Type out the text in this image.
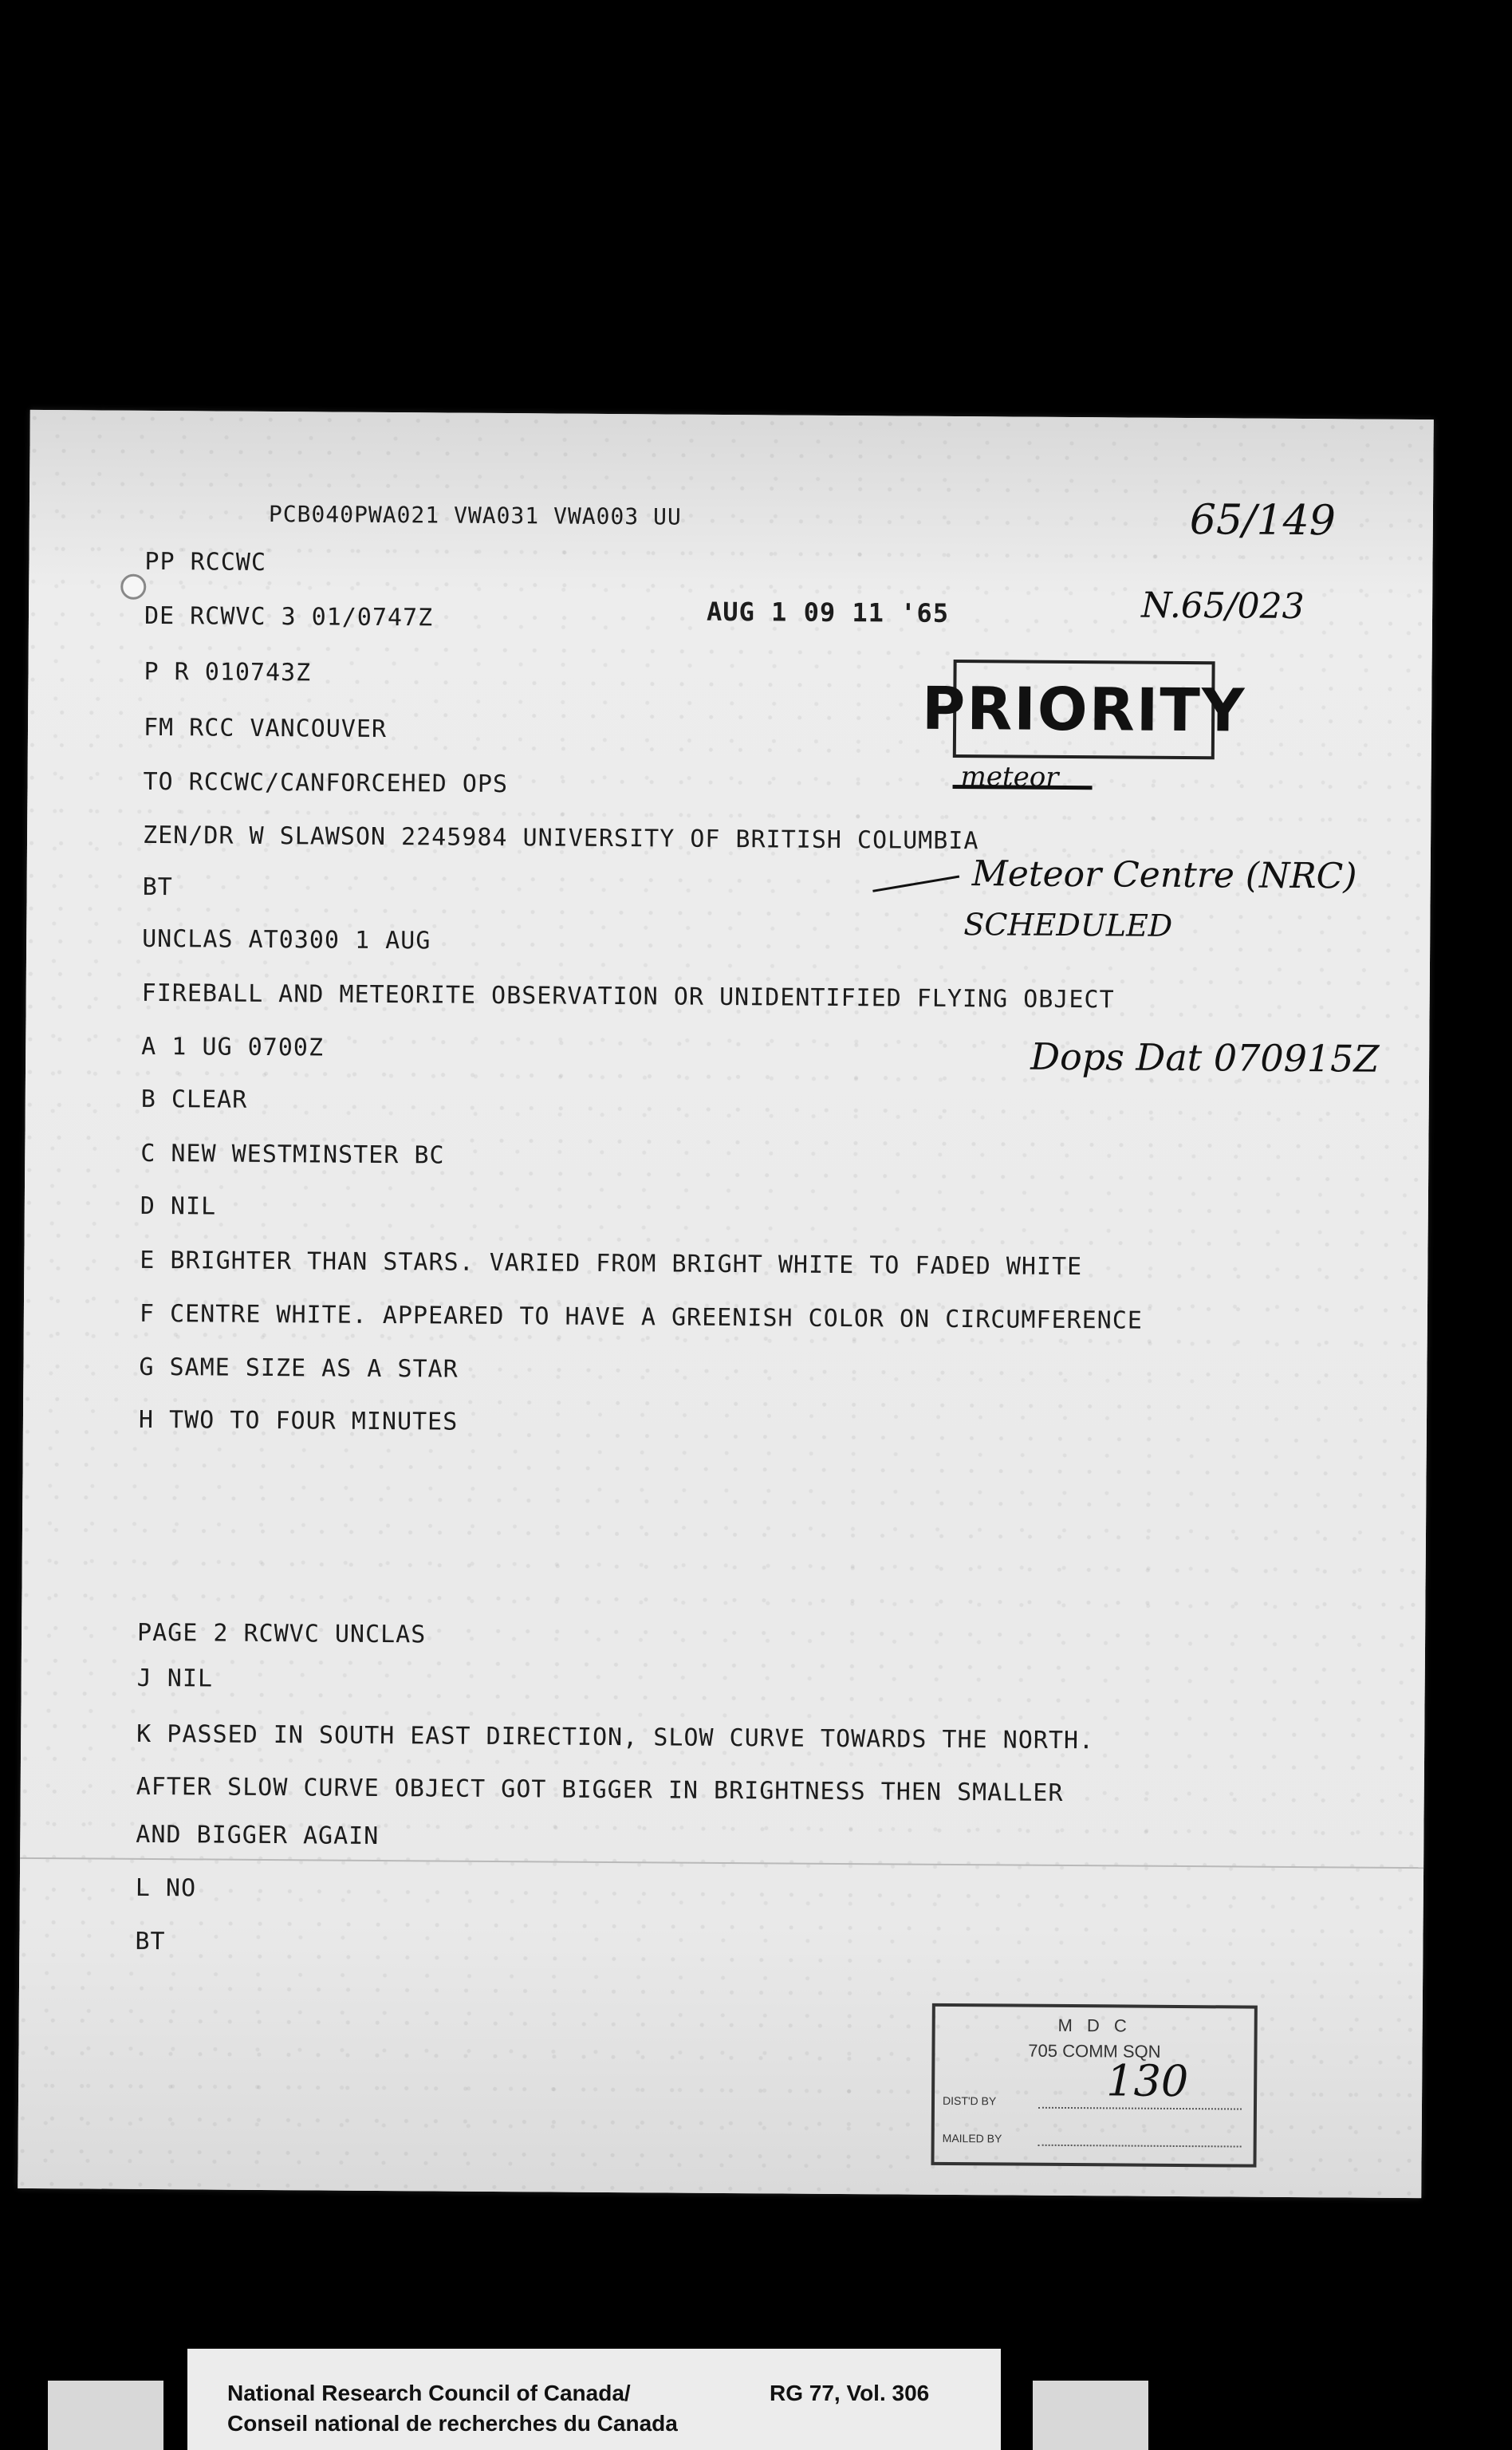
PCB040PWA021 VWA031 VWA003 UU
PP RCCWC
DE RCWVC 3 01/0747Z
P R 010743Z
FM RCC VANCOUVER
TO RCCWC/CANFORCEHED OPS
ZEN/DR W SLAWSON 2245984 UNIVERSITY OF BRITISH COLUMBIA
BT
UNCLAS AT0300 1 AUG
FIREBALL AND METEORITE OBSERVATION OR UNIDENTIFIED FLYING OBJECT
A 1 UG 0700Z
B CLEAR
C NEW WESTMINSTER BC
D NIL
E BRIGHTER THAN STARS. VARIED FROM BRIGHT WHITE TO FADED WHITE
F CENTRE WHITE. APPEARED TO HAVE A GREENISH COLOR ON CIRCUMFERENCE
G SAME SIZE AS A STAR
H TWO TO FOUR MINUTES
PAGE 2 RCWVC UNCLAS
J NIL
K PASSED IN SOUTH EAST DIRECTION, SLOW CURVE TOWARDS THE NORTH.
AFTER SLOW CURVE OBJECT GOT BIGGER IN BRIGHTNESS THEN SMALLER
AND BIGGER AGAIN
L NO
BT
AUG 1 09 11 '65
PRIORITY
meteor
65/149
N.65/023
Meteor Centre (NRC)
SCHEDULED
Dops Dat 070915Z
M D C
705 COMM SQN
130
DIST'D BY
MAILED BY
National Research Council of Canada/
Conseil national de recherches du Canada
RG 77, Vol. 306
